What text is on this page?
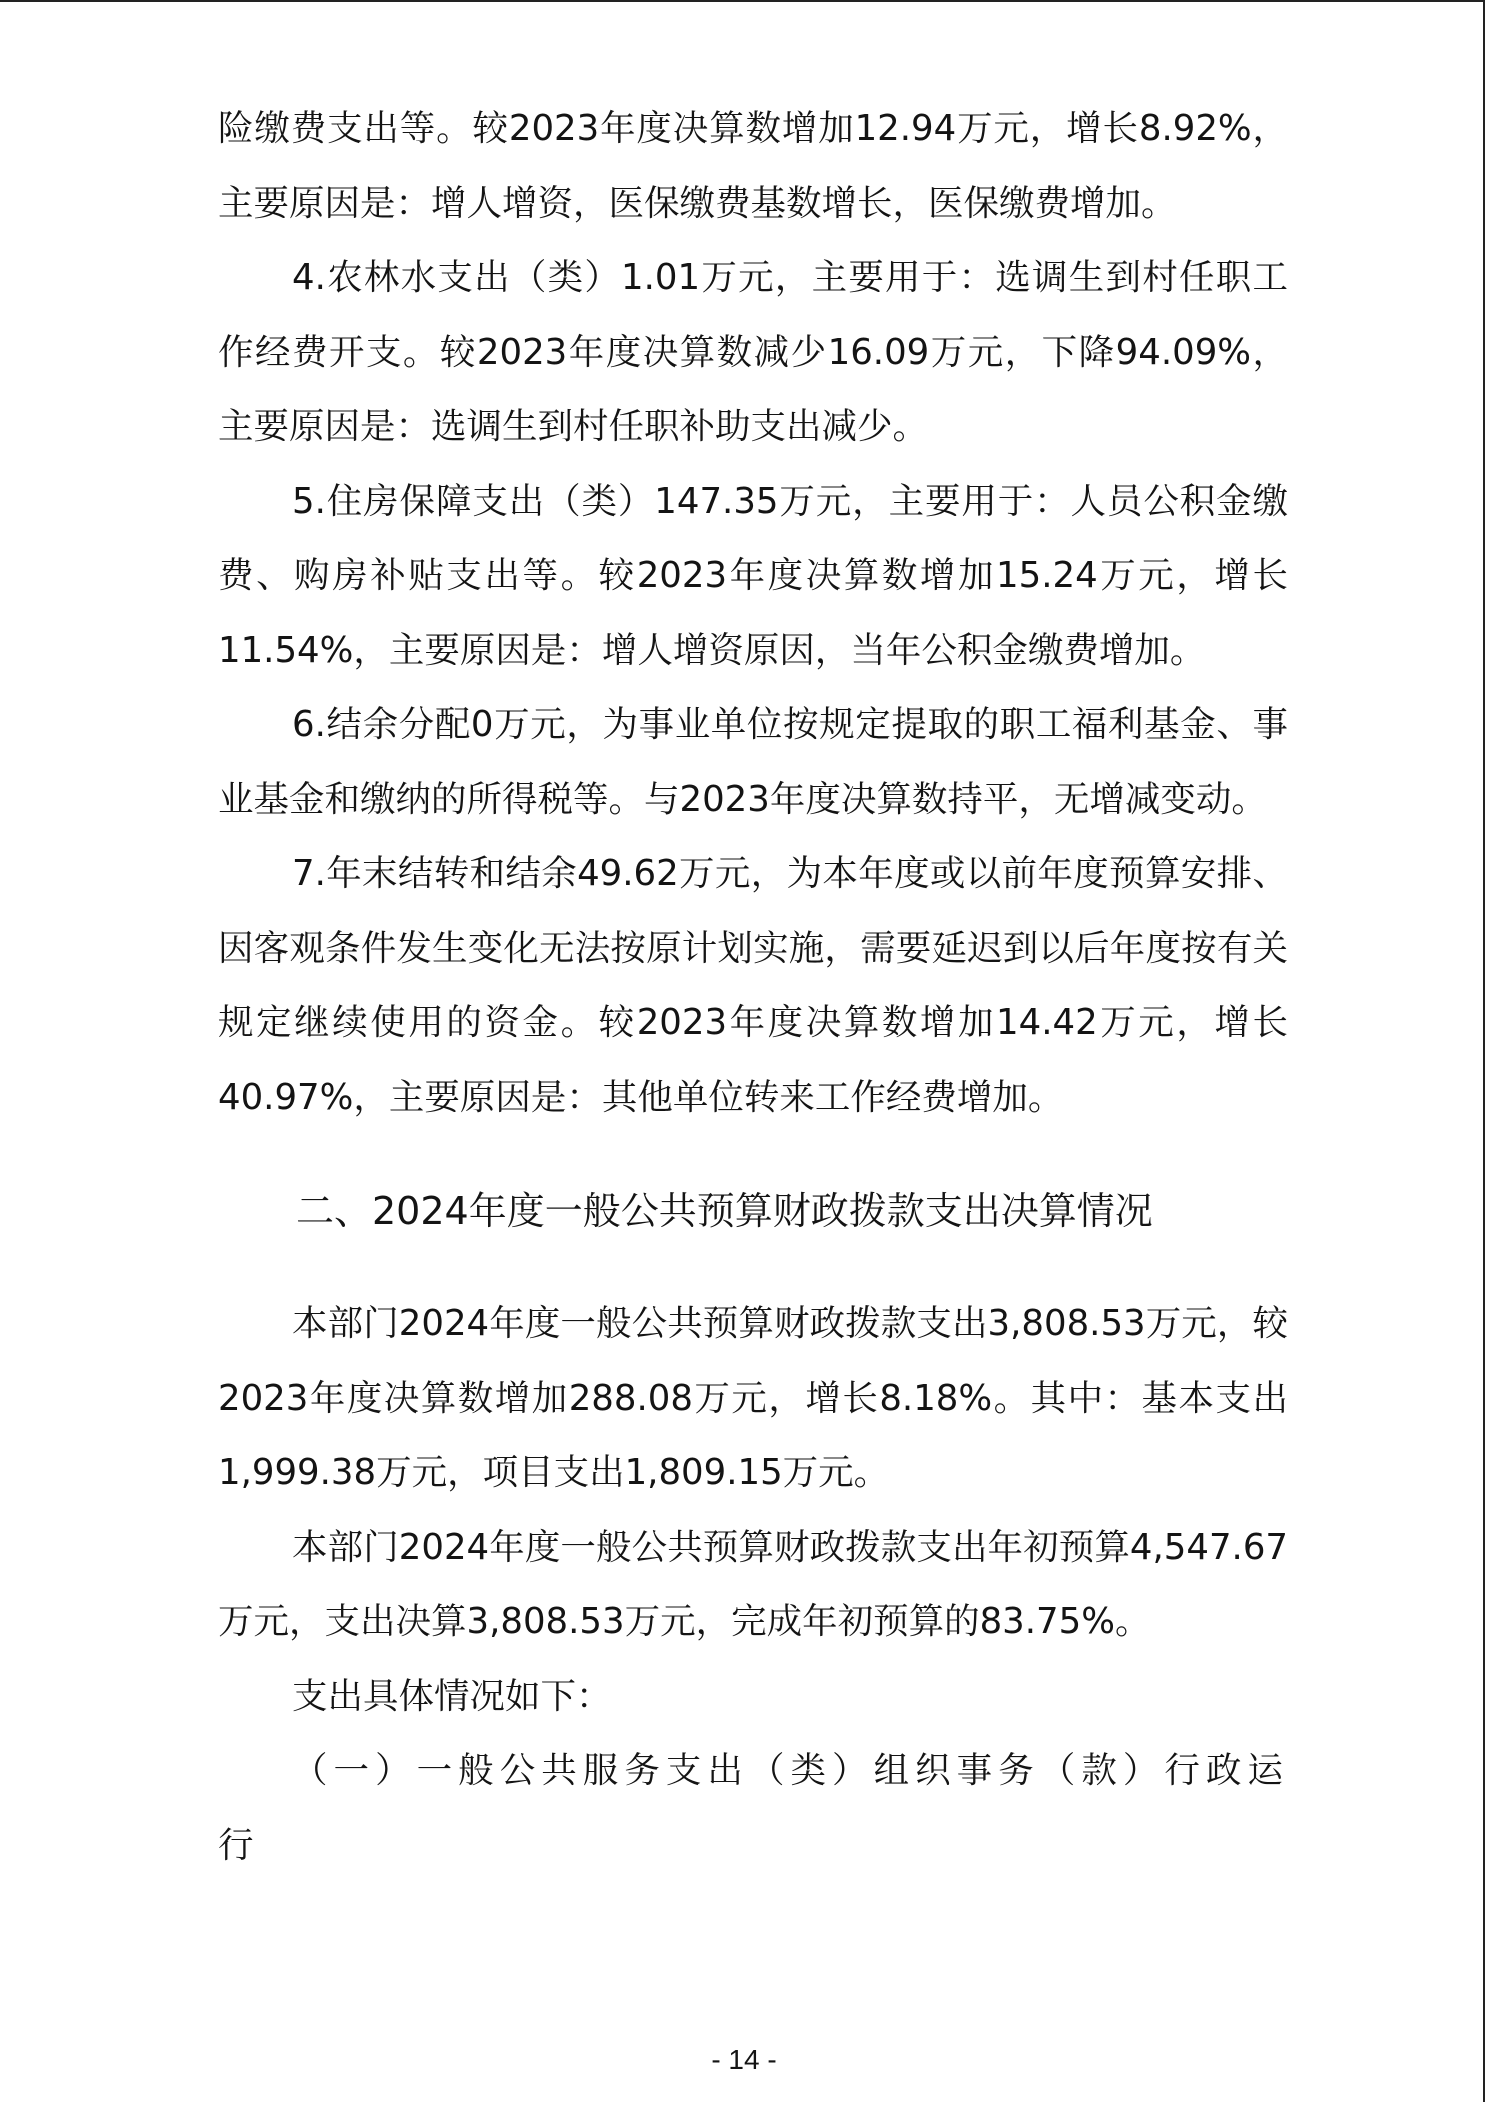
险缴费支出等。较2023年度决算数增加12.94万元，增长8.92%，主要原因是：增人增资，医保缴费基数增长，医保缴费增加。

4.农林水支出（类）1.01万元，主要用于：选调生到村任职工作经费开支。较2023年度决算数减少16.09万元，下降94.09%，主要原因是：选调生到村任职补助支出减少。

5.住房保障支出（类）147.35万元，主要用于：人员公积金缴费、购房补贴支出等。较2023年度决算数增加15.24万元，增长11.54%，主要原因是：增人增资原因，当年公积金缴费增加。

6.结余分配0万元，为事业单位按规定提取的职工福利基金、事业基金和缴纳的所得税等。与2023年度决算数持平，无增减变动。

7.年末结转和结余49.62万元，为本年度或以前年度预算安排、因客观条件发生变化无法按原计划实施，需要延迟到以后年度按有关规定继续使用的资金。较2023年度决算数增加14.42万元，增长40.97%，主要原因是：其他单位转来工作经费增加。

二、2024年度一般公共预算财政拨款支出决算情况

本部门2024年度一般公共预算财政拨款支出3,808.53万元，较2023年度决算数增加288.08万元，增长8.18%。其中：基本支出1,999.38万元，项目支出1,809.15万元。

本部门2024年度一般公共预算财政拨款支出年初预算4,547.67万元，支出决算3,808.53万元，完成年初预算的83.75%。

支出具体情况如下：

（一）一般公共服务支出（类）组织事务（款）行政运行

- 14 -
